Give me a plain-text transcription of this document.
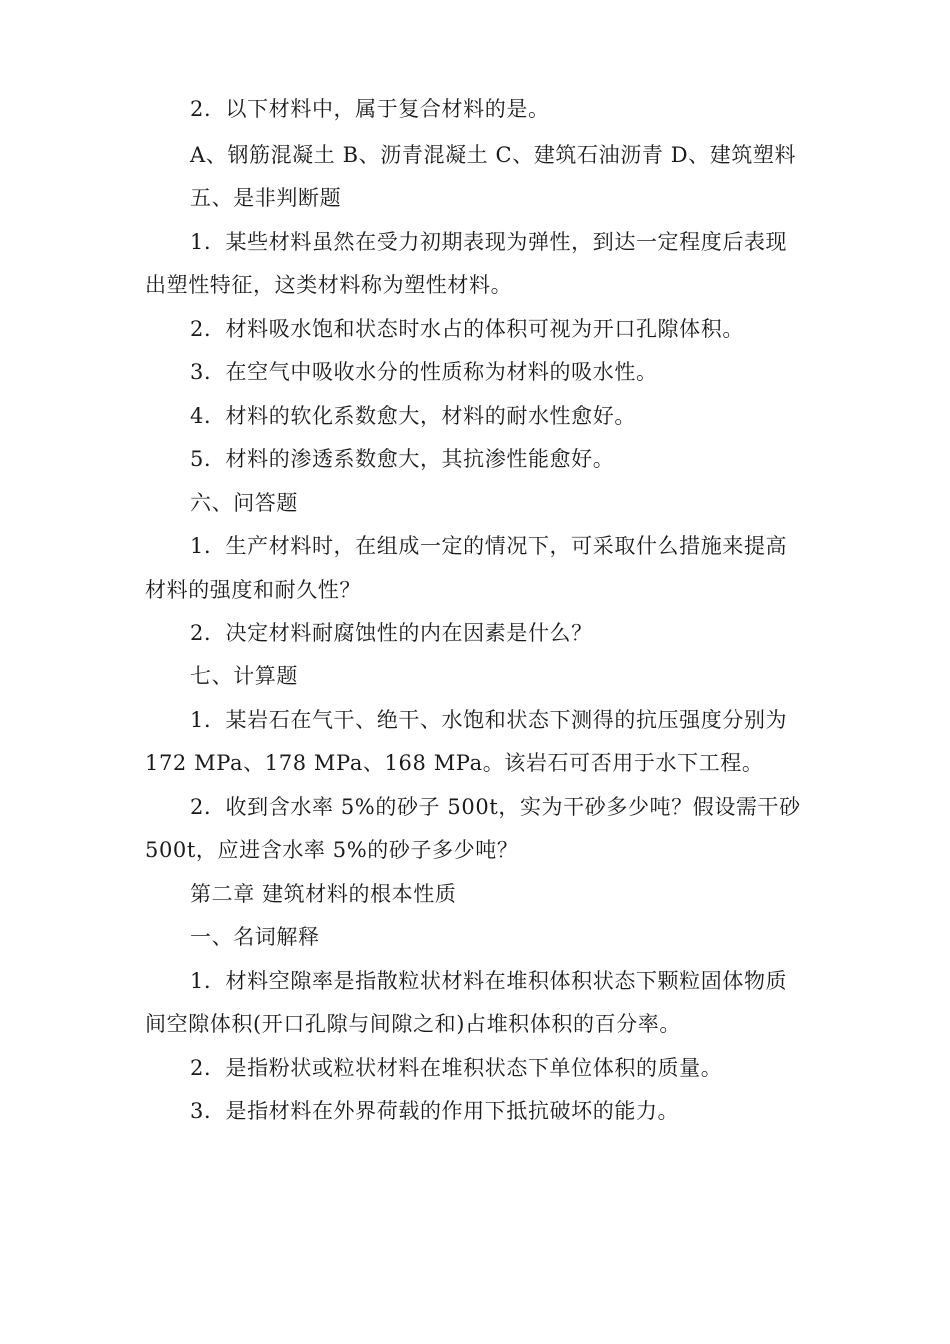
2．以下材料中，属于复合材料的是。
A、钢筋混凝土 B、沥青混凝土 C、建筑石油沥青 D、建筑塑料
五、是非判断题
1．某些材料虽然在受力初期表现为弹性，到达一定程度后表现
出塑性特征，这类材料称为塑性材料。
2．材料吸水饱和状态时水占的体积可视为开口孔隙体积。
3．在空气中吸收水分的性质称为材料的吸水性。
4．材料的软化系数愈大，材料的耐水性愈好。
5．材料的渗透系数愈大，其抗渗性能愈好。
六、问答题
1．生产材料时，在组成一定的情况下，可采取什么措施来提高
材料的强度和耐久性？
2．决定材料耐腐蚀性的内在因素是什么？
七、计算题
1．某岩石在气干、绝干、水饱和状态下测得的抗压强度分别为
172 MPa、178 MPa、168 MPa。该岩石可否用于水下工程。
2．收到含水率 5%的砂子 500t，实为干砂多少吨？假设需干砂
500t，应进含水率 5%的砂子多少吨？
第二章 建筑材料的根本性质
一、名词解释
1．材料空隙率是指散粒状材料在堆积体积状态下颗粒固体物质
间空隙体积(开口孔隙与间隙之和)占堆积体积的百分率。
2．是指粉状或粒状材料在堆积状态下单位体积的质量。
3．是指材料在外界荷载的作用下抵抗破坏的能力。
